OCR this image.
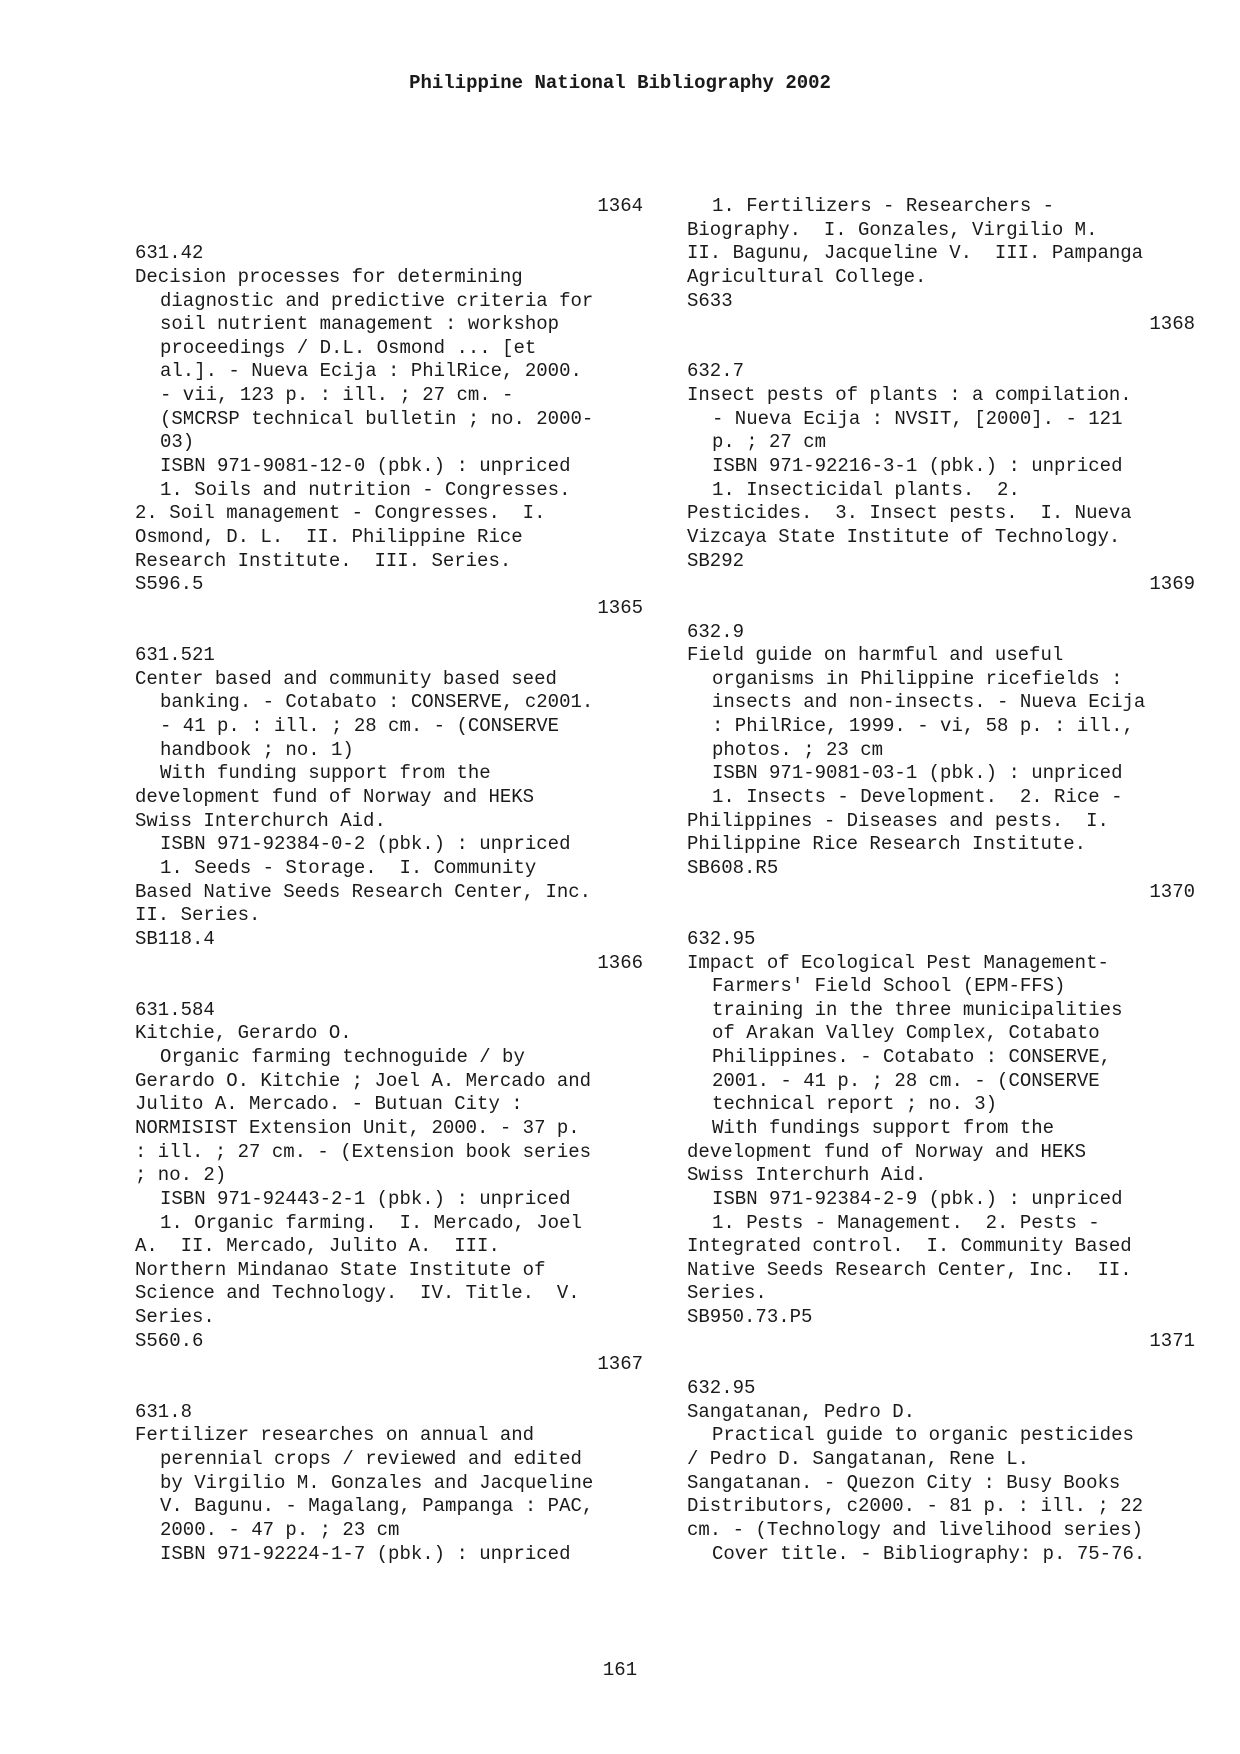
Philippine National Bibliography 2002
1364
631.42
Decision processes for determining
diagnostic and predictive criteria for
soil nutrient management : workshop
proceedings / D.L. Osmond ... [et
al.]. - Nueva Ecija : PhilRice, 2000.
- vii, 123 p. : ill. ; 27 cm. -
(SMCRSP technical bulletin ; no. 2000-
03)
ISBN 971-9081-12-0 (pbk.) : unpriced
1. Soils and nutrition - Congresses.
2. Soil management - Congresses.  I.
Osmond, D. L.  II. Philippine Rice
Research Institute.  III. Series.
S596.5
1365
631.521
Center based and community based seed
banking. - Cotabato : CONSERVE, c2001.
- 41 p. : ill. ; 28 cm. - (CONSERVE
handbook ; no. 1)
With funding support from the
development fund of Norway and HEKS
Swiss Interchurch Aid.
ISBN 971-92384-0-2 (pbk.) : unpriced
1. Seeds - Storage.  I. Community
Based Native Seeds Research Center, Inc.
II. Series.
SB118.4
1366
631.584
Kitchie, Gerardo O.
Organic farming technoguide / by
Gerardo O. Kitchie ; Joel A. Mercado and
Julito A. Mercado. - Butuan City :
NORMISIST Extension Unit, 2000. - 37 p.
: ill. ; 27 cm. - (Extension book series
; no. 2)
ISBN 971-92443-2-1 (pbk.) : unpriced
1. Organic farming.  I. Mercado, Joel
A.  II. Mercado, Julito A.  III.
Northern Mindanao State Institute of
Science and Technology.  IV. Title.  V.
Series.
S560.6
1367
631.8
Fertilizer researches on annual and
perennial crops / reviewed and edited
by Virgilio M. Gonzales and Jacqueline
V. Bagunu. - Magalang, Pampanga : PAC,
2000. - 47 p. ; 23 cm
ISBN 971-92224-1-7 (pbk.) : unpriced
1. Fertilizers - Researchers -
Biography.  I. Gonzales, Virgilio M.
II. Bagunu, Jacqueline V.  III. Pampanga
Agricultural College.
S633
1368
632.7
Insect pests of plants : a compilation.
- Nueva Ecija : NVSIT, [2000]. - 121
p. ; 27 cm
ISBN 971-92216-3-1 (pbk.) : unpriced
1. Insecticidal plants.  2.
Pesticides.  3. Insect pests.  I. Nueva
Vizcaya State Institute of Technology.
SB292
1369
632.9
Field guide on harmful and useful
organisms in Philippine ricefields :
insects and non-insects. - Nueva Ecija
: PhilRice, 1999. - vi, 58 p. : ill.,
photos. ; 23 cm
ISBN 971-9081-03-1 (pbk.) : unpriced
1. Insects - Development.  2. Rice -
Philippines - Diseases and pests.  I.
Philippine Rice Research Institute.
SB608.R5
1370
632.95
Impact of Ecological Pest Management-
Farmers' Field School (EPM-FFS)
training in the three municipalities
of Arakan Valley Complex, Cotabato
Philippines. - Cotabato : CONSERVE,
2001. - 41 p. ; 28 cm. - (CONSERVE
technical report ; no. 3)
With fundings support from the
development fund of Norway and HEKS
Swiss Interchurh Aid.
ISBN 971-92384-2-9 (pbk.) : unpriced
1. Pests - Management.  2. Pests -
Integrated control.  I. Community Based
Native Seeds Research Center, Inc.  II.
Series.
SB950.73.P5
1371
632.95
Sangatanan, Pedro D.
Practical guide to organic pesticides
/ Pedro D. Sangatanan, Rene L.
Sangatanan. - Quezon City : Busy Books
Distributors, c2000. - 81 p. : ill. ; 22
cm. - (Technology and livelihood series)
Cover title. - Bibliography: p. 75-76.
161
